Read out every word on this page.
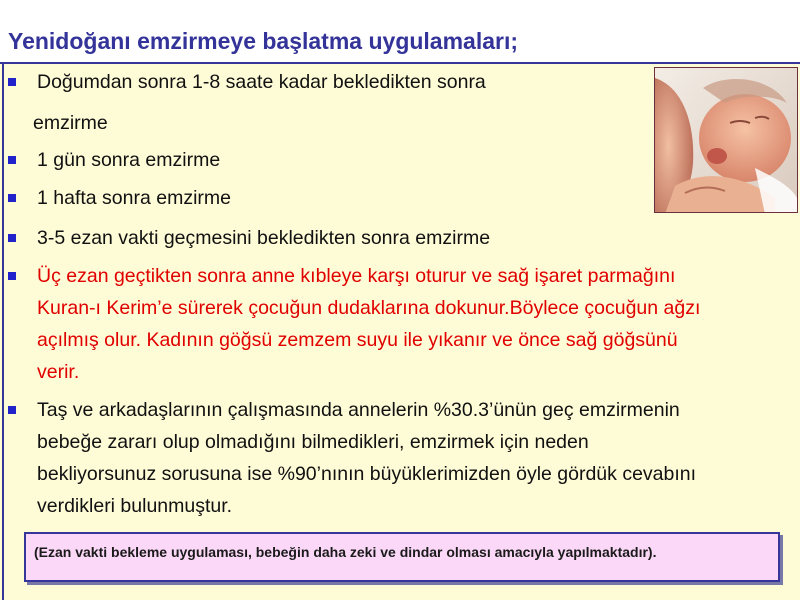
Yenidoğanı emzirmeye başlatma uygulamaları;
Doğumdan sonra 1-8 saate kadar bekledikten sonra
emzirme
1 gün sonra emzirme
1 hafta sonra emzirme
3-5 ezan vakti geçmesini bekledikten sonra emzirme
Üç ezan geçtikten sonra anne kıbleye karşı oturur ve sağ işaret parmağını
Kuran-ı Kerim’e sürerek çocuğun dudaklarına dokunur.Böylece çocuğun ağzı
açılmış olur. Kadının göğsü zemzem suyu ile yıkanır ve önce sağ göğsünü
verir.
Taş ve arkadaşlarının çalışmasında annelerin %30.3’ünün geç emzirmenin
bebeğe zararı olup olmadığını bilmedikleri, emzirmek için neden
bekliyorsunuz sorusuna ise %90’nının büyüklerimizden öyle gördük cevabını
verdikleri bulunmuştur.
(Ezan vakti bekleme uygulaması, bebeğin daha zeki ve dindar olması amacıyla yapılmaktadır).
